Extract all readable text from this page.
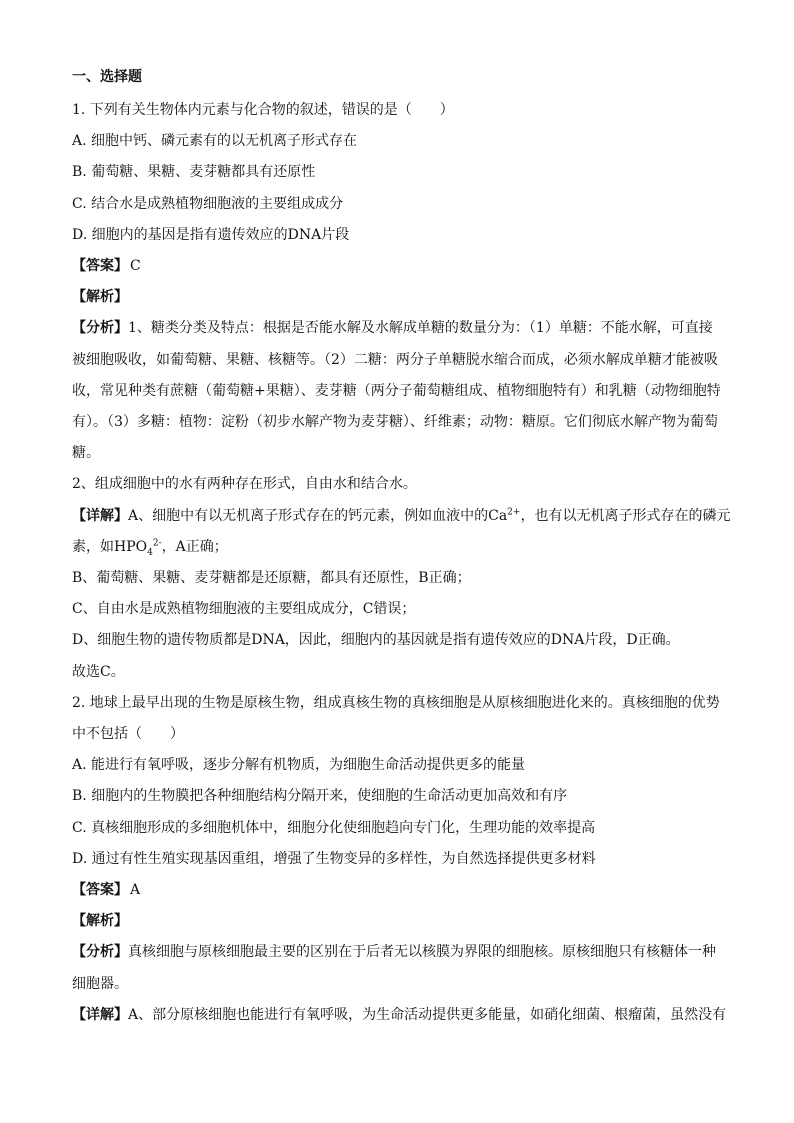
一、选择题
1. 下列有关生物体内元素与化合物的叙述，错误的是（　　）
A. 细胞中钙、磷元素有的以无机离子形式存在
B. 葡萄糖、果糖、麦芽糖都具有还原性
C. 结合水是成熟植物细胞液的主要组成成分
D. 细胞内的基因是指有遗传效应的DNA片段
【答案】 C
【解析】
【分析】1、糖类分类及特点：根据是否能水解及水解成单糖的数量分为：（1）单糖：不能水解，可直接
被细胞吸收，如葡萄糖、果糖、核糖等。（2）二糖：两分子单糖脱水缩合而成，必须水解成单糖才能被吸
收，常见种类有蔗糖（葡萄糖+果糖）、麦芽糖（两分子葡萄糖组成、植物细胞特有）和乳糖（动物细胞特
有）。（3）多糖：植物：淀粉（初步水解产物为麦芽糖）、纤维素；动物：糖原。它们彻底水解产物为葡萄
糖。
2、组成细胞中的水有两种存在形式，自由水和结合水。
【详解】A、细胞中有以无机离子形式存在的钙元素，例如血液中的$Ca^{2+}$，也有以无机离子形式存在的磷元
素，如$HPO_4^{2-}$，A正确；
B、葡萄糖、果糖、麦芽糖都是还原糖，都具有还原性，B正确；
C、自由水是成熟植物细胞液的主要组成成分，C错误；
D、细胞生物的遗传物质都是DNA，因此，细胞内的基因就是指有遗传效应的DNA片段，D正确。
故选C。
2. 地球上最早出现的生物是原核生物，组成真核生物的真核细胞是从原核细胞进化来的。真核细胞的优势
中不包括（　　）
A. 能进行有氧呼吸，逐步分解有机物质，为细胞生命活动提供更多的能量
B. 细胞内的生物膜把各种细胞结构分隔开来，使细胞的生命活动更加高效和有序
C. 真核细胞形成的多细胞机体中，细胞分化使细胞趋向专门化，生理功能的效率提高
D. 通过有性生殖实现基因重组，增强了生物变异的多样性，为自然选择提供更多材料
【答案】 A
【解析】
【分析】真核细胞与原核细胞最主要的区别在于后者无以核膜为界限的细胞核。原核细胞只有核糖体一种
细胞器。
【详解】A、部分原核细胞也能进行有氧呼吸，为生命活动提供更多能量，如硝化细菌、根瘤菌，虽然没有
